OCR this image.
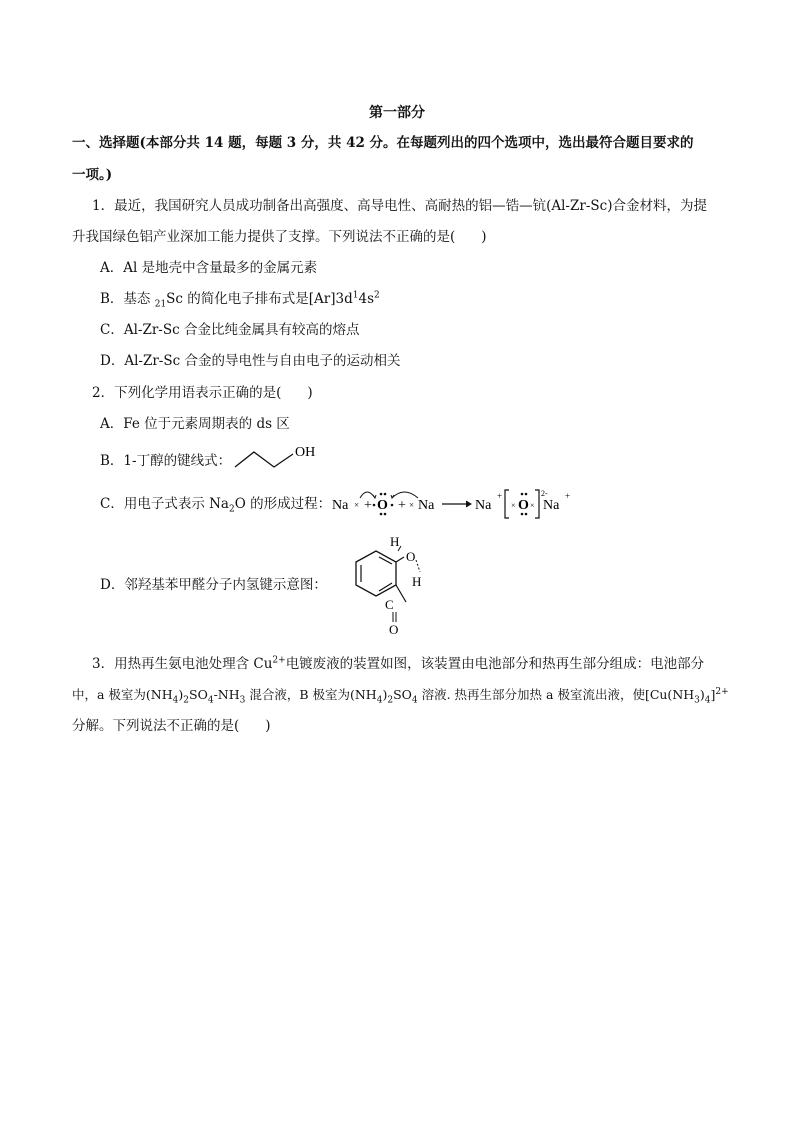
第一部分
一、选择题(本部分共 14 题，每题 3 分，共 42 分。在每题列出的四个选项中，选出最符合题目要求的
一项。)
1．最近，我国研究人员成功制备出高强度、高导电性、高耐热的铝—锆—钪(Al-Zr-Sc)合金材料，为提
升我国绿色铝产业深加工能力提供了支撑。下列说法不正确的是( )
A．Al 是地壳中含量最多的金属元素
B．基态 $_{21}$Sc 的简化电子排布式是$[Ar]3d^14s^2$
C．Al-Zr-Sc 合金比纯金属具有较高的熔点
D．Al-Zr-Sc 合金的导电性与自由电子的运动相关
2．下列化学用语表示正确的是( )
A．Fe 位于元素周期表的 ds 区
B．1-丁醇的键线式：
OH
C．用电子式表示 $Na_2O$ 的形成过程： Na × + O + × Na	Na
+
× O ×
2-
Na
+
D．邻羟基苯甲醛分子内氢键示意图：
O
H
H
C
O
3．用热再生氨电池处理含 $Cu^{2+}$电镀废液的装置如图，该装置由电池部分和热再生部分组成：电池部分
中，a 极室为$(NH_4)_2SO_4-NH_3$ 混合液，B 极室为$(NH_4)_2SO_4$ 溶液. 热再生部分加热 a 极室流出液，使$[Cu(NH_3)_4]^{2+}$
分解。下列说法不正确的是( )
